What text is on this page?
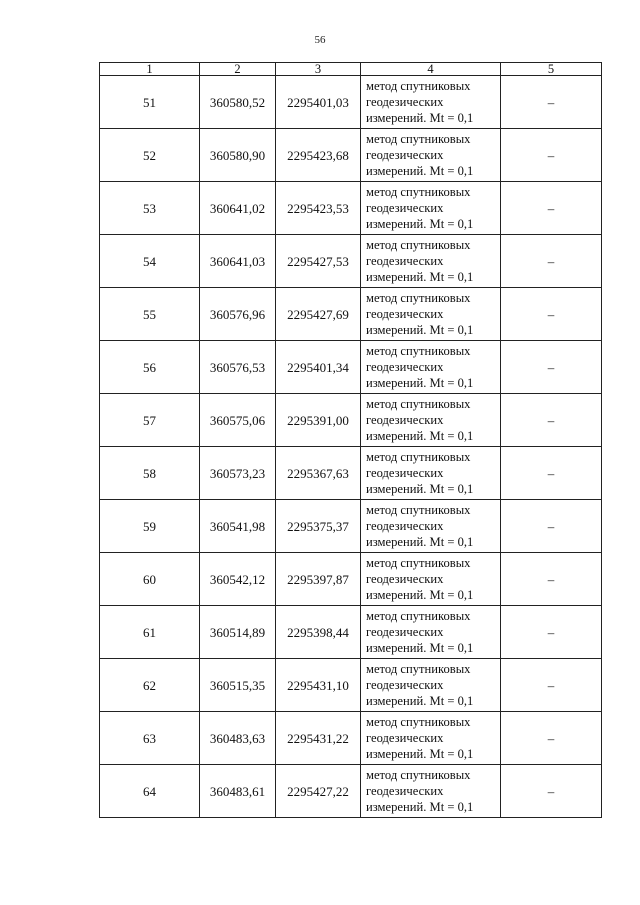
56
1	2	3	4	5
51	360580,52	2295401,03	метод спутниковых
геодезических
измерений. Mt = 0,1	–
52	360580,90	2295423,68	метод спутниковых
геодезических
измерений. Mt = 0,1	–
53	360641,02	2295423,53	метод спутниковых
геодезических
измерений. Mt = 0,1	–
54	360641,03	2295427,53	метод спутниковых
геодезических
измерений. Mt = 0,1	–
55	360576,96	2295427,69	метод спутниковых
геодезических
измерений. Mt = 0,1	–
56	360576,53	2295401,34	метод спутниковых
геодезических
измерений. Mt = 0,1	–
57	360575,06	2295391,00	метод спутниковых
геодезических
измерений. Mt = 0,1	–
58	360573,23	2295367,63	метод спутниковых
геодезических
измерений. Mt = 0,1	–
59	360541,98	2295375,37	метод спутниковых
геодезических
измерений. Mt = 0,1	–
60	360542,12	2295397,87	метод спутниковых
геодезических
измерений. Mt = 0,1	–
61	360514,89	2295398,44	метод спутниковых
геодезических
измерений. Mt = 0,1	–
62	360515,35	2295431,10	метод спутниковых
геодезических
измерений. Mt = 0,1	–
63	360483,63	2295431,22	метод спутниковых
геодезических
измерений. Mt = 0,1	–
64	360483,61	2295427,22	метод спутниковых
геодезических
измерений. Mt = 0,1	–
